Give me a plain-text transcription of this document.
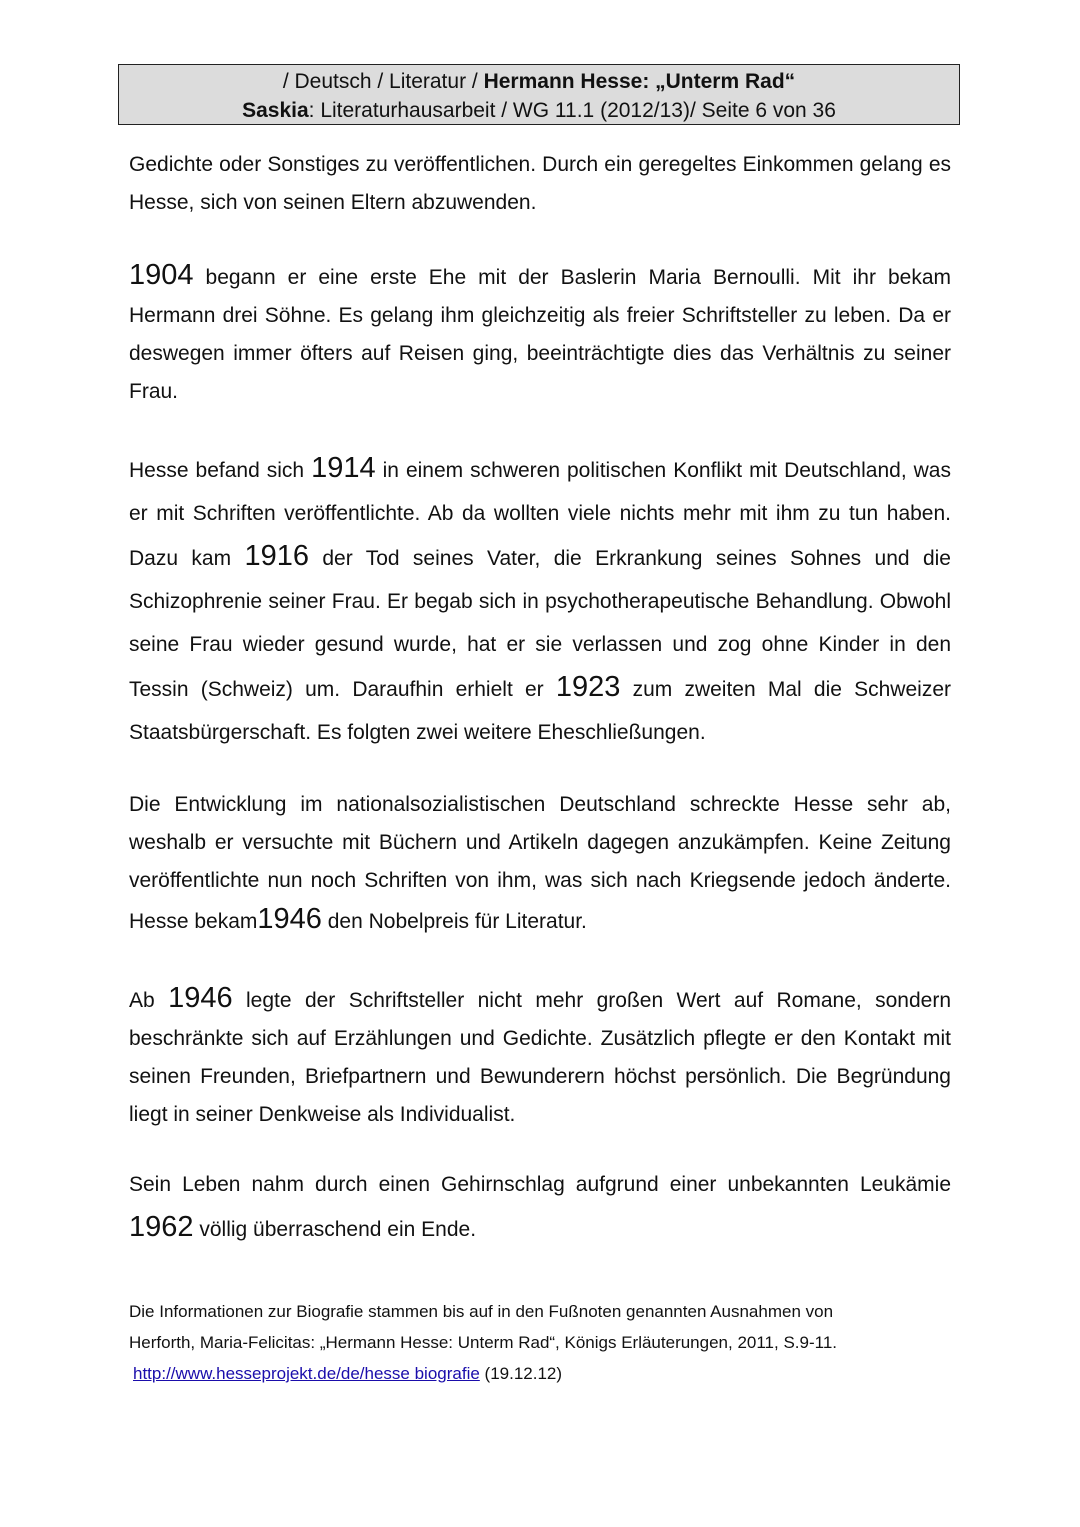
/ Deutsch / Literatur / Hermann Hesse: „Unterm Rad“
Saskia: Literaturhausarbeit / WG 11.1 (2012/13)/ Seite 6 von 36

Gedichte oder Sonstiges zu veröffentlichen. Durch ein geregeltes Einkommen gelang es Hesse, sich von seinen Eltern abzuwenden.

1904 begann er eine erste Ehe mit der Baslerin Maria Bernoulli. Mit ihr bekam Hermann drei Söhne. Es gelang ihm gleichzeitig als freier Schriftsteller zu leben. Da er deswegen immer öfters auf Reisen ging, beeinträchtigte dies das Verhältnis zu seiner Frau.

Hesse befand sich 1914 in einem schweren politischen Konflikt mit Deutschland, was er mit Schriften veröffentlichte. Ab da wollten viele nichts mehr mit ihm zu tun haben. Dazu kam 1916 der Tod seines Vater, die Erkrankung seines Sohnes und die Schizophrenie seiner Frau. Er begab sich in psychotherapeutische Behandlung. Obwohl seine Frau wieder gesund wurde, hat er sie verlassen und zog ohne Kinder in den Tessin (Schweiz) um. Daraufhin erhielt er 1923 zum zweiten Mal die Schweizer Staatsbürgerschaft. Es folgten zwei weitere Eheschließungen.

Die Entwicklung im nationalsozialistischen Deutschland schreckte Hesse sehr ab, weshalb er versuchte mit Büchern und Artikeln dagegen anzukämpfen. Keine Zeitung veröffentlichte nun noch Schriften von ihm, was sich nach Kriegsende jedoch änderte. Hesse bekam1946 den Nobelpreis für Literatur.

Ab 1946 legte der Schriftsteller nicht mehr großen Wert auf Romane, sondern beschränkte sich auf Erzählungen und Gedichte. Zusätzlich pflegte er den Kontakt mit seinen Freunden, Briefpartnern und Bewunderern höchst persönlich. Die Begründung liegt in seiner Denkweise als Individualist.

Sein Leben nahm durch einen Gehirnschlag aufgrund einer unbekannten Leukämie 1962 völlig überraschend ein Ende.

Die Informationen zur Biografie stammen bis auf in den Fußnoten genannten Ausnahmen von

Herforth, Maria-Felicitas: „Hermann Hesse: Unterm Rad“, Königs Erläuterungen, 2011, S.9-11.

http://www.hesseprojekt.de/de/hesse biografie (19.12.12)
